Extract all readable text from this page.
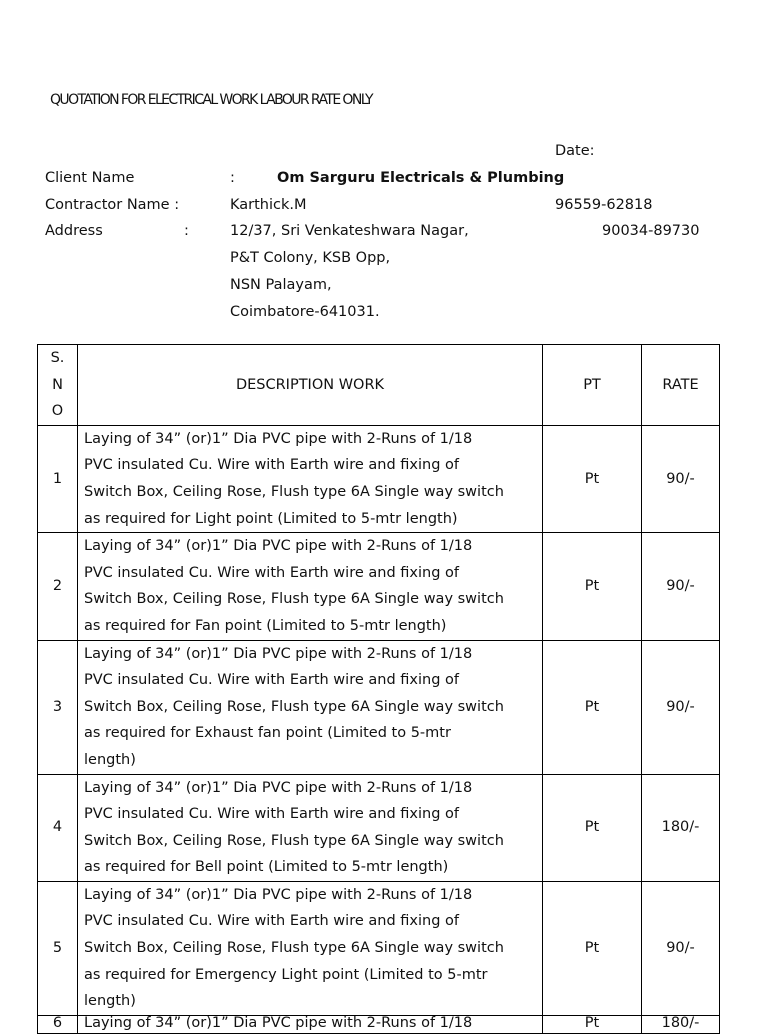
QUOTATION FOR ELECTRICAL WORK LABOUR RATE ONLY
Date:
Client Name	:	Om Sarguru Electricals & Plumbing
Contractor Name :	Karthick.M	96559-62818
Address	:	12/37, Sri Venkateshwara Nagar,	90034-89730
P&T Colony, KSB Opp,
NSN Palayam,
Coimbatore-641031.
S.
N
O	DESCRIPTION WORK	PT	RATE
1	Laying of 34” (or)1” Dia PVC pipe with 2-Runs of 1/18
PVC insulated Cu. Wire with Earth wire and fixing of
Switch Box, Ceiling Rose, Flush type 6A Single way switch
as required for Light point (Limited to 5-mtr length)	Pt	90/-
2	Laying of 34” (or)1” Dia PVC pipe with 2-Runs of 1/18
PVC insulated Cu. Wire with Earth wire and fixing of
Switch Box, Ceiling Rose, Flush type 6A Single way switch
as required for Fan point (Limited to 5-mtr length)	Pt	90/-
3	Laying of 34” (or)1” Dia PVC pipe with 2-Runs of 1/18
PVC insulated Cu. Wire with Earth wire and fixing of
Switch Box, Ceiling Rose, Flush type 6A Single way switch
as required for Exhaust fan point (Limited to 5-mtr
length)	Pt	90/-
4	Laying of 34” (or)1” Dia PVC pipe with 2-Runs of 1/18
PVC insulated Cu. Wire with Earth wire and fixing of
Switch Box, Ceiling Rose, Flush type 6A Single way switch
as required for Bell point (Limited to 5-mtr length)	Pt	180/-
5	Laying of 34” (or)1” Dia PVC pipe with 2-Runs of 1/18
PVC insulated Cu. Wire with Earth wire and fixing of
Switch Box, Ceiling Rose, Flush type 6A Single way switch
as required for Emergency Light point (Limited to 5-mtr
length)	Pt	90/-
6	Laying of 34” (or)1” Dia PVC pipe with 2-Runs of 1/18	Pt	180/-
